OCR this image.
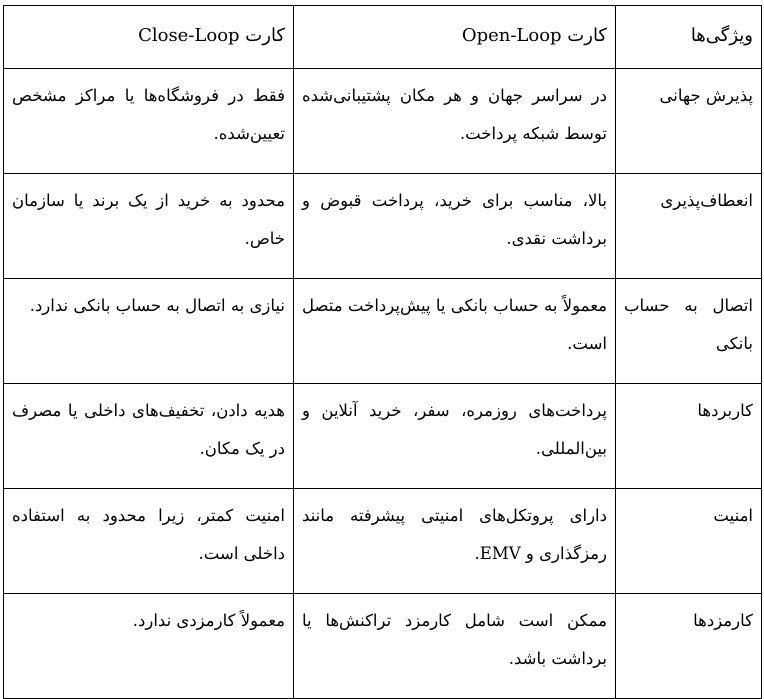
ویژگی‌ها	کارت Open-Loop	کارت Close-Loop
پذیرش جهانی	در سراسر جهان و هر مکان پشتیبانی‌شده توسط شبکه پرداخت.	فقط در فروشگاه‌ها یا مراکز مشخص تعیین‌شده.
انعطاف‌پذیری	بالا، مناسب برای خرید، پرداخت قبوض و برداشت نقدی.	محدود به خرید از یک برند یا سازمان خاص.
اتصال به حساب بانکی	معمولاً به حساب بانکی یا پیش‌پرداخت متصل است.	نیازی به اتصال به حساب بانکی ندارد.
کاربردها	پرداخت‌های روزمره، سفر، خرید آنلاین و بین‌المللی.	هدیه دادن، تخفیف‌های داخلی یا مصرف در یک مکان.
امنیت	دارای پروتکل‌های امنیتی پیشرفته مانند رمزگذاری و EMV.	امنیت کمتر، زیرا محدود به استفاده داخلی است.
کارمزدها	ممکن است شامل کارمزد تراکنش‌ها یا برداشت باشد.	معمولاً کارمزدی ندارد.
